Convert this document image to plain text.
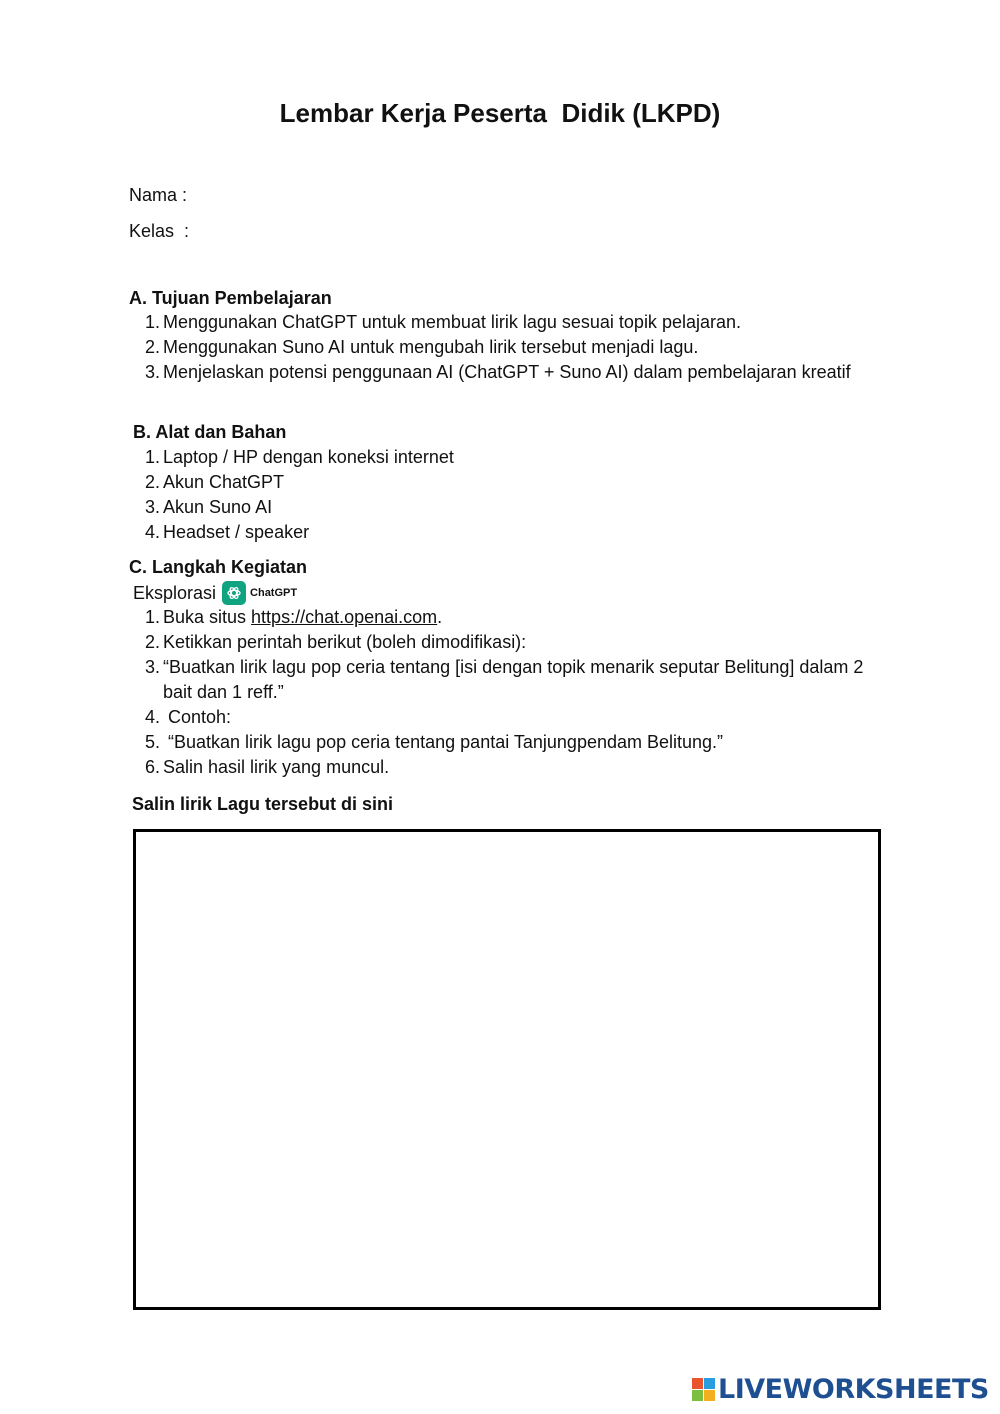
Lembar Kerja Peserta  Didik (LKPD)
Nama :
Kelas  :
A. Tujuan Pembelajaran
1. Menggunakan ChatGPT untuk membuat lirik lagu sesuai topik pelajaran.
2. Menggunakan Suno AI untuk mengubah lirik tersebut menjadi lagu.
3. Menjelaskan potensi penggunaan AI (ChatGPT + Suno AI) dalam pembelajaran kreatif
B. Alat dan Bahan
1. Laptop / HP dengan koneksi internet
2. Akun ChatGPT
3. Akun Suno AI
4. Headset / speaker
C. Langkah Kegiatan
Eksplorasi	ChatGPT
1. Buka situs https://chat.openai.com.
2. Ketikkan perintah berikut (boleh dimodifikasi):
3. “Buatkan lirik lagu pop ceria tentang [isi dengan topik menarik seputar Belitung] dalam 2 bait dan 1 reff.”
4. Contoh:
5. “Buatkan lirik lagu pop ceria tentang pantai Tanjungpendam Belitung.”
6. Salin hasil lirik yang muncul.
Salin lirik Lagu tersebut di sini
LIVEWORKSHEETS
